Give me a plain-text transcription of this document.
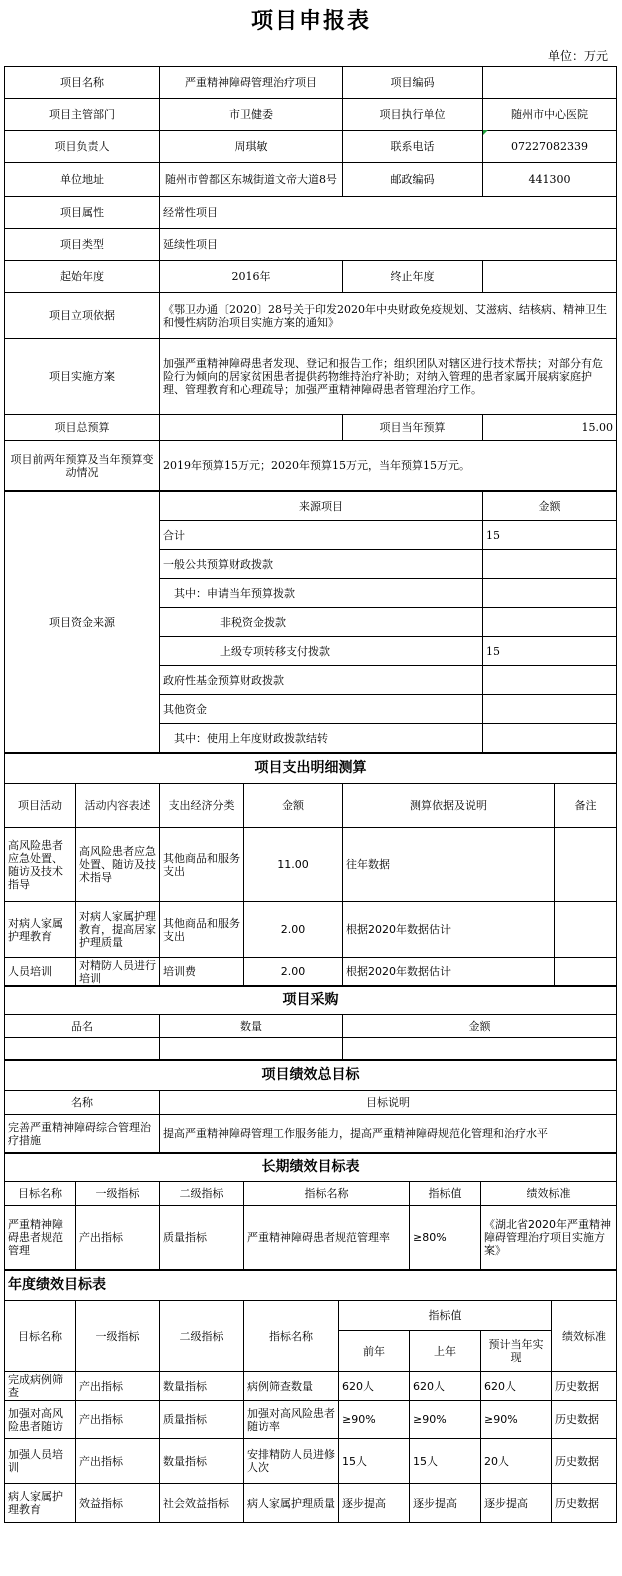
项目申报表
单位：万元
项目名称	严重精神障碍管理治疗项目	项目编码	
项目主管部门	市卫健委	项目执行单位	随州市中心医院
项目负责人	周琪敏	联系电话	07227082339
单位地址	随州市曾都区东城街道文帝大道8号	邮政编码	441300
项目属性	经常性项目		
项目类型	延续性项目		
起始年度	2016年	终止年度	
项目立项依据	《鄂卫办通〔2020〕28号关于印发2020年中央财政免疫规划、艾滋病、结核病、精神卫生和慢性病防治项目实施方案的通知》		
项目实施方案	加强严重精神障碍患者发现、登记和报告工作；组织团队对辖区进行技术帮扶；对部分有危险行为倾向的居家贫困患者提供药物维持治疗补助；对纳入管理的患者家属开展病家庭护理、管理教育和心理疏导；加强严重精神障碍患者管理治疗工作。		
项目总预算		项目当年预算	15.00
项目前两年预算及当年预算变动情况	2019年预算15万元；2020年预算15万元，当年预算15万元。		
项目资金来源	来源项目	金额
	合计	15
	一般公共预算财政拨款	
	其中：申请当年预算拨款	
	非税资金拨款	
	上级专项转移支付拨款	15
	政府性基金预算财政拨款	
	其他资金	
	其中：使用上年度财政拨款结转	
项目支出明细测算					
项目活动	活动内容表述	支出经济分类	金额	测算依据及说明	备注
高风险患者应急处置、随访及技术指导	高风险患者应急处置、随访及技术指导	其他商品和服务支出	11.00	往年数据	
对病人家属护理教育	对病人家属护理教育，提高居家护理质量	其他商品和服务支出	2.00	根据2020年数据估计	
人员培训	对精防人员进行培训	培训费	2.00	根据2020年数据估计	
项目采购		
品名	数量	金额

项目绩效总目标	
名称	目标说明
完善严重精神障碍综合管理治疗措施	提高严重精神障碍管理工作服务能力，提高严重精神障碍规范化管理和治疗水平
长期绩效目标表					
目标名称	一级指标	二级指标	指标名称	指标值	绩效标准
严重精神障碍患者规范管理	产出指标	质量指标	严重精神障碍患者规范管理率	≥80%	《湖北省2020年严重精神障碍管理治疗项目实施方案》
年度绩效目标表							
目标名称	一级指标	二级指标	指标名称	指标值			绩效标准
				前年	上年	预计当年实现	
完成病例筛查	产出指标	数量指标	病例筛查数量	620人	620人	620人	历史数据
加强对高风险患者随访	产出指标	质量指标	加强对高风险患者随访率	≥90%	≥90%	≥90%	历史数据
加强人员培训	产出指标	数量指标	安排精防人员进修人次	15人	15人	20人	历史数据
病人家属护理教育	效益指标	社会效益指标	病人家属护理质量	逐步提高	逐步提高	逐步提高	历史数据
